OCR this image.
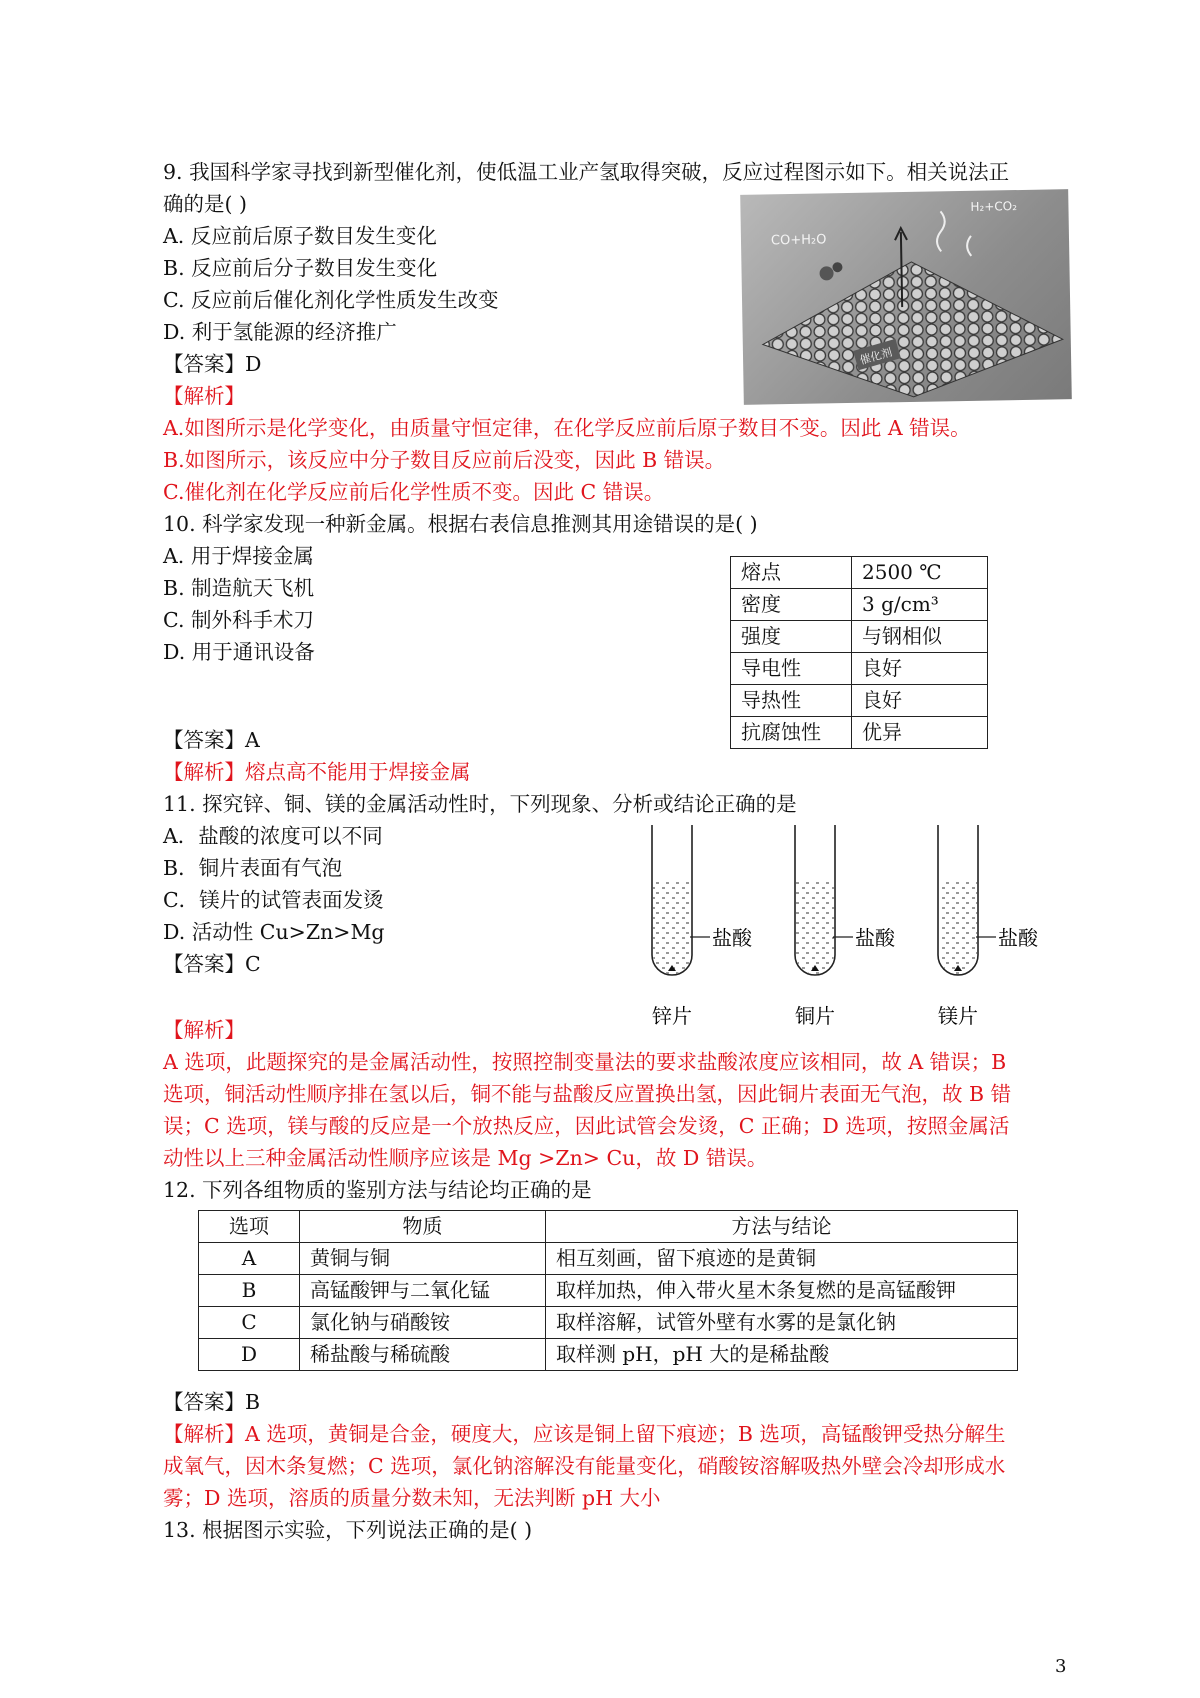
9. 我国科学家寻找到新型催化剂，使低温工业产氢取得突破，反应过程图示如下。相关说法正
确的是( )
A. 反应前后原子数目发生变化
B. 反应前后分子数目发生变化
C. 反应前后催化剂化学性质发生改变
D. 利于氢能源的经济推广
【答案】D
【解析】
A.如图所示是化学变化，由质量守恒定律，在化学反应前后原子数目不变。因此 A 错误。
B.如图所示，该反应中分子数目反应前后没变，因此 B 错误。
C.催化剂在化学反应前后化学性质不变。因此 C 错误。
催化剂
CO+H₂O
H₂+CO₂
10. 科学家发现一种新金属。根据右表信息推测其用途错误的是( )
A. 用于焊接金属
B. 制造航天飞机
C. 制外科手术刀
D. 用于通讯设备
熔点	2500 ℃
密度	3 g/cm³
强度	与钢相似
导电性	良好
导热性	良好
抗腐蚀性	优异
【答案】A
【解析】熔点高不能用于焊接金属
11. 探究锌、铜、镁的金属活动性时，下列现象、分析或结论正确的是
A．盐酸的浓度可以不同
B．铜片表面有气泡
C．镁片的试管表面发烫
D. 活动性 Cu>Zn>Mg
【答案】C
盐酸
锌片
盐酸
铜片
盐酸
镁片
【解析】
A 选项，此题探究的是金属活动性，按照控制变量法的要求盐酸浓度应该相同，故 A 错误；B
选项，铜活动性顺序排在氢以后，铜不能与盐酸反应置换出氢，因此铜片表面无气泡，故 B 错
误；C 选项，镁与酸的反应是一个放热反应，因此试管会发烫，C 正确；D 选项，按照金属活
动性以上三种金属活动性顺序应该是 Mg >Zn> Cu，故 D 错误。
12. 下列各组物质的鉴别方法与结论均正确的是
选项	物质	方法与结论
A	黄铜与铜	相互刻画，留下痕迹的是黄铜
B	高锰酸钾与二氧化锰	取样加热，伸入带火星木条复燃的是高锰酸钾
C	氯化钠与硝酸铵	取样溶解，试管外壁有水雾的是氯化钠
D	稀盐酸与稀硫酸	取样测 pH，pH 大的是稀盐酸
【答案】B
【解析】A 选项，黄铜是合金，硬度大，应该是铜上留下痕迹；B 选项，高锰酸钾受热分解生
成氧气，因木条复燃；C 选项，氯化钠溶解没有能量变化，硝酸铵溶解吸热外壁会冷却形成水
雾；D 选项，溶质的质量分数未知，无法判断 pH 大小
13. 根据图示实验，下列说法正确的是( )
3
